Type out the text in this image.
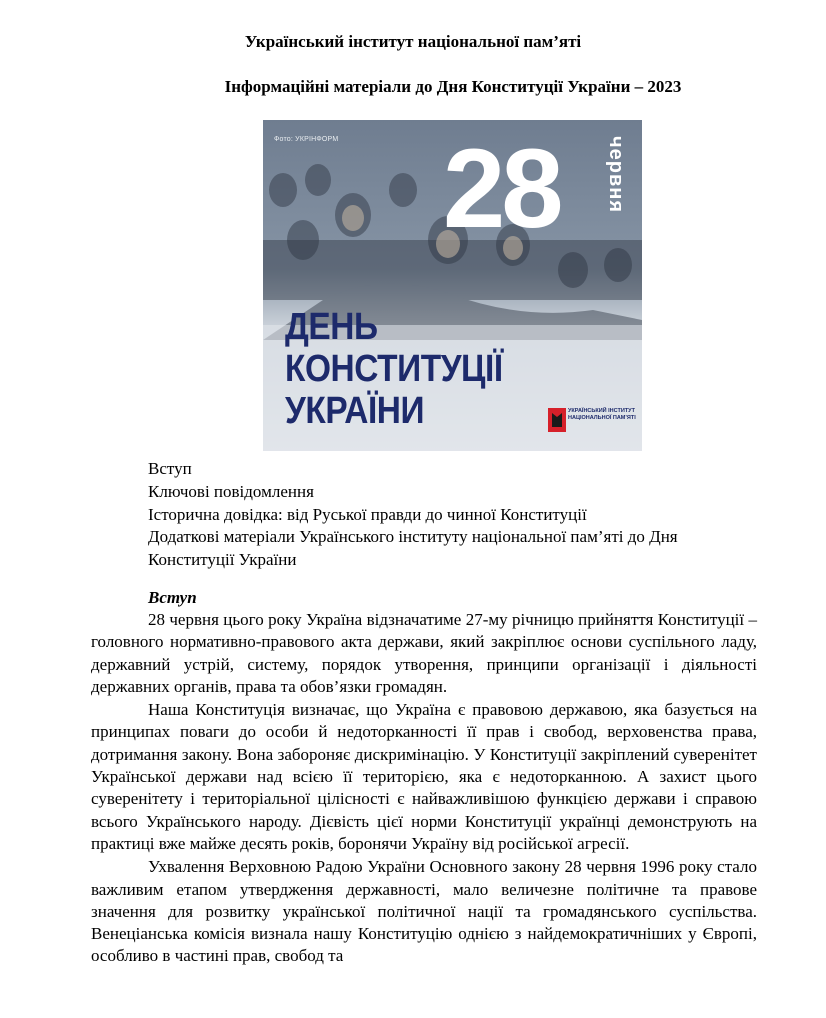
Український інститут національної пам’яті
Інформаційні матеріали до Дня Конституції України – 2023
Фото: УКРІНФОРМ 28 червня
ДЕНЬ
КОНСТИТУЦІЇ
УКРАЇНИ	УКРАЇНСЬКИЙ ІНСТИТУТ НАЦІОНАЛЬНОЇ ПАМ’ЯТІ
Вступ
Ключові повідомлення
Історична довідка: від Руської правди до чинної Конституції
Додаткові матеріали Українського інституту національної пам’яті до Дня
Конституції України
Вступ

28 червня цього року Україна відзначатиме 27-му річницю прийняття Конституції – головного нормативно-правового акта держави, який закріплює основи суспільного ладу, державний устрій, систему, порядок утворення, принципи організації і діяльності державних органів, права та обов’язки громадян.

Наша Конституція визначає, що Україна є правовою державою, яка базується на принципах поваги до особи й недоторканності її прав і свобод, верховенства права, дотримання закону. Вона забороняє дискримінацію. У Конституції закріплений суверенітет Української держави над всією її територією, яка є недоторканною. А захист цього суверенітету і територіальної цілісності є найважливішою функцією держави і справою всього Українського народу. Дієвість цієї норми Конституції українці демонструють на практиці вже майже десять років, боронячи Україну від російської агресії.

Ухвалення Верховною Радою України Основного закону 28 червня 1996 року стало важливим етапом утвердження державності, мало величезне політичне та правове значення для розвитку української політичної нації та громадянського суспільства. Венеціанська комісія визнала нашу Конституцію однією з найдемократичніших у Європі, особливо в частині прав, свобод та
